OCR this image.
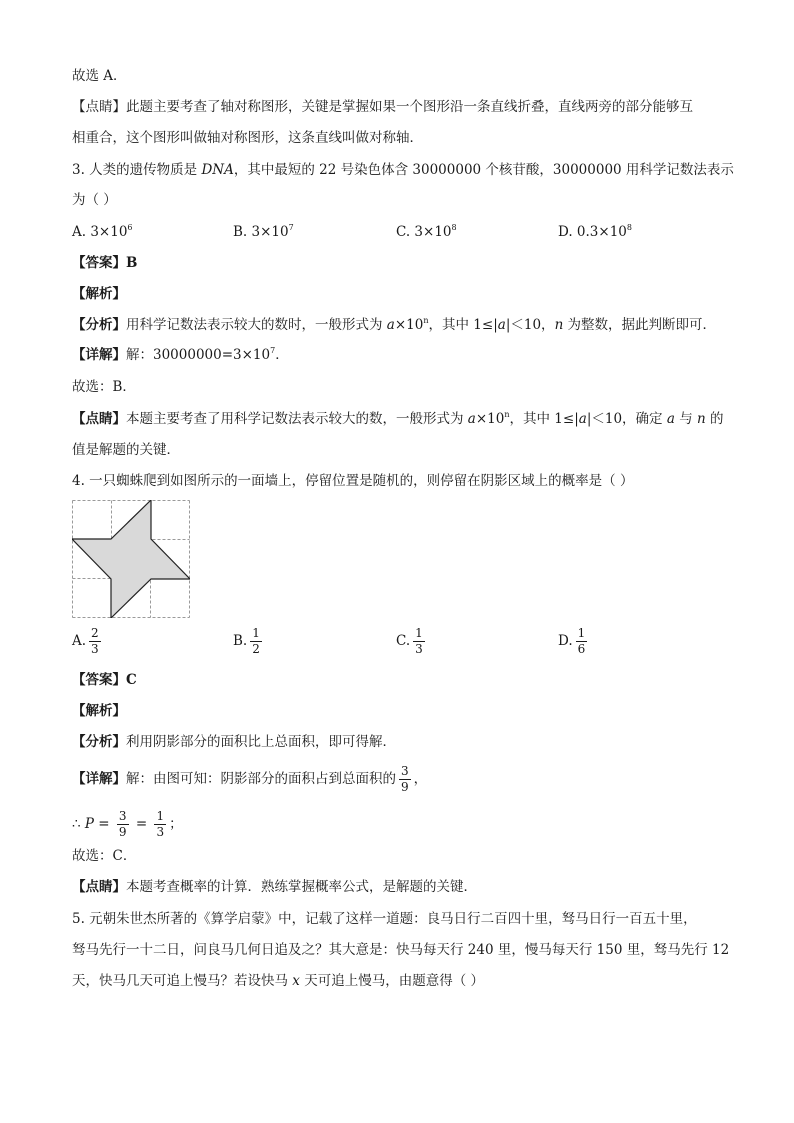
故选 A．
【点睛】此题主要考查了轴对称图形，关键是掌握如果一个图形沿一条直线折叠，直线两旁的部分能够互
相重合，这个图形叫做轴对称图形，这条直线叫做对称轴．
3. 人类的遗传物质是 DNA，其中最短的 22 号染色体含 30000000 个核苷酸，30000000 用科学记数法表示
为（ ）
A. $3\times 10^6$	B. $3\times 10^7$	C. $3\times 10^8$	D. $0.3\times 10^8$
【答案】B
【解析】
【分析】用科学记数法表示较大的数时，一般形式为 $a\times 10^n$，其中 1≤|a|＜10，n 为整数，据此判断即可．
【详解】解：$30000000=3\times 10^7$．
故选：B．
【点睛】本题主要考查了用科学记数法表示较大的数，一般形式为 $a\times 10^n$，其中 1≤|a|＜10，确定 a 与 n 的
值是解题的关键．
4. 一只蜘蛛爬到如图所示的一面墙上，停留位置是随机的，则停留在阴影区域上的概率是（ ）
A. $\frac{2}{3}$	B. $\frac{1}{2}$	C. $\frac{1}{3}$	D. $\frac{1}{6}$
【答案】C
【解析】
【分析】利用阴影部分的面积比上总面积，即可得解．
【详解】解：由图可知：阴影部分的面积占到总面积的 $\frac{3}{9}$ ，
∴ $P = \frac{3}{9} = \frac{1}{3}$ ；
故选：C．
【点睛】本题考查概率的计算．熟练掌握概率公式，是解题的关键．
5. 元朝朱世杰所著的《算学启蒙》中，记载了这样一道题：良马日行二百四十里，驽马日行一百五十里，
驽马先行一十二日，问良马几何日追及之？其大意是：快马每天行 240 里，慢马每天行 150 里，驽马先行 12
天，快马几天可追上慢马？若设快马 x 天可追上慢马，由题意得（ ）
